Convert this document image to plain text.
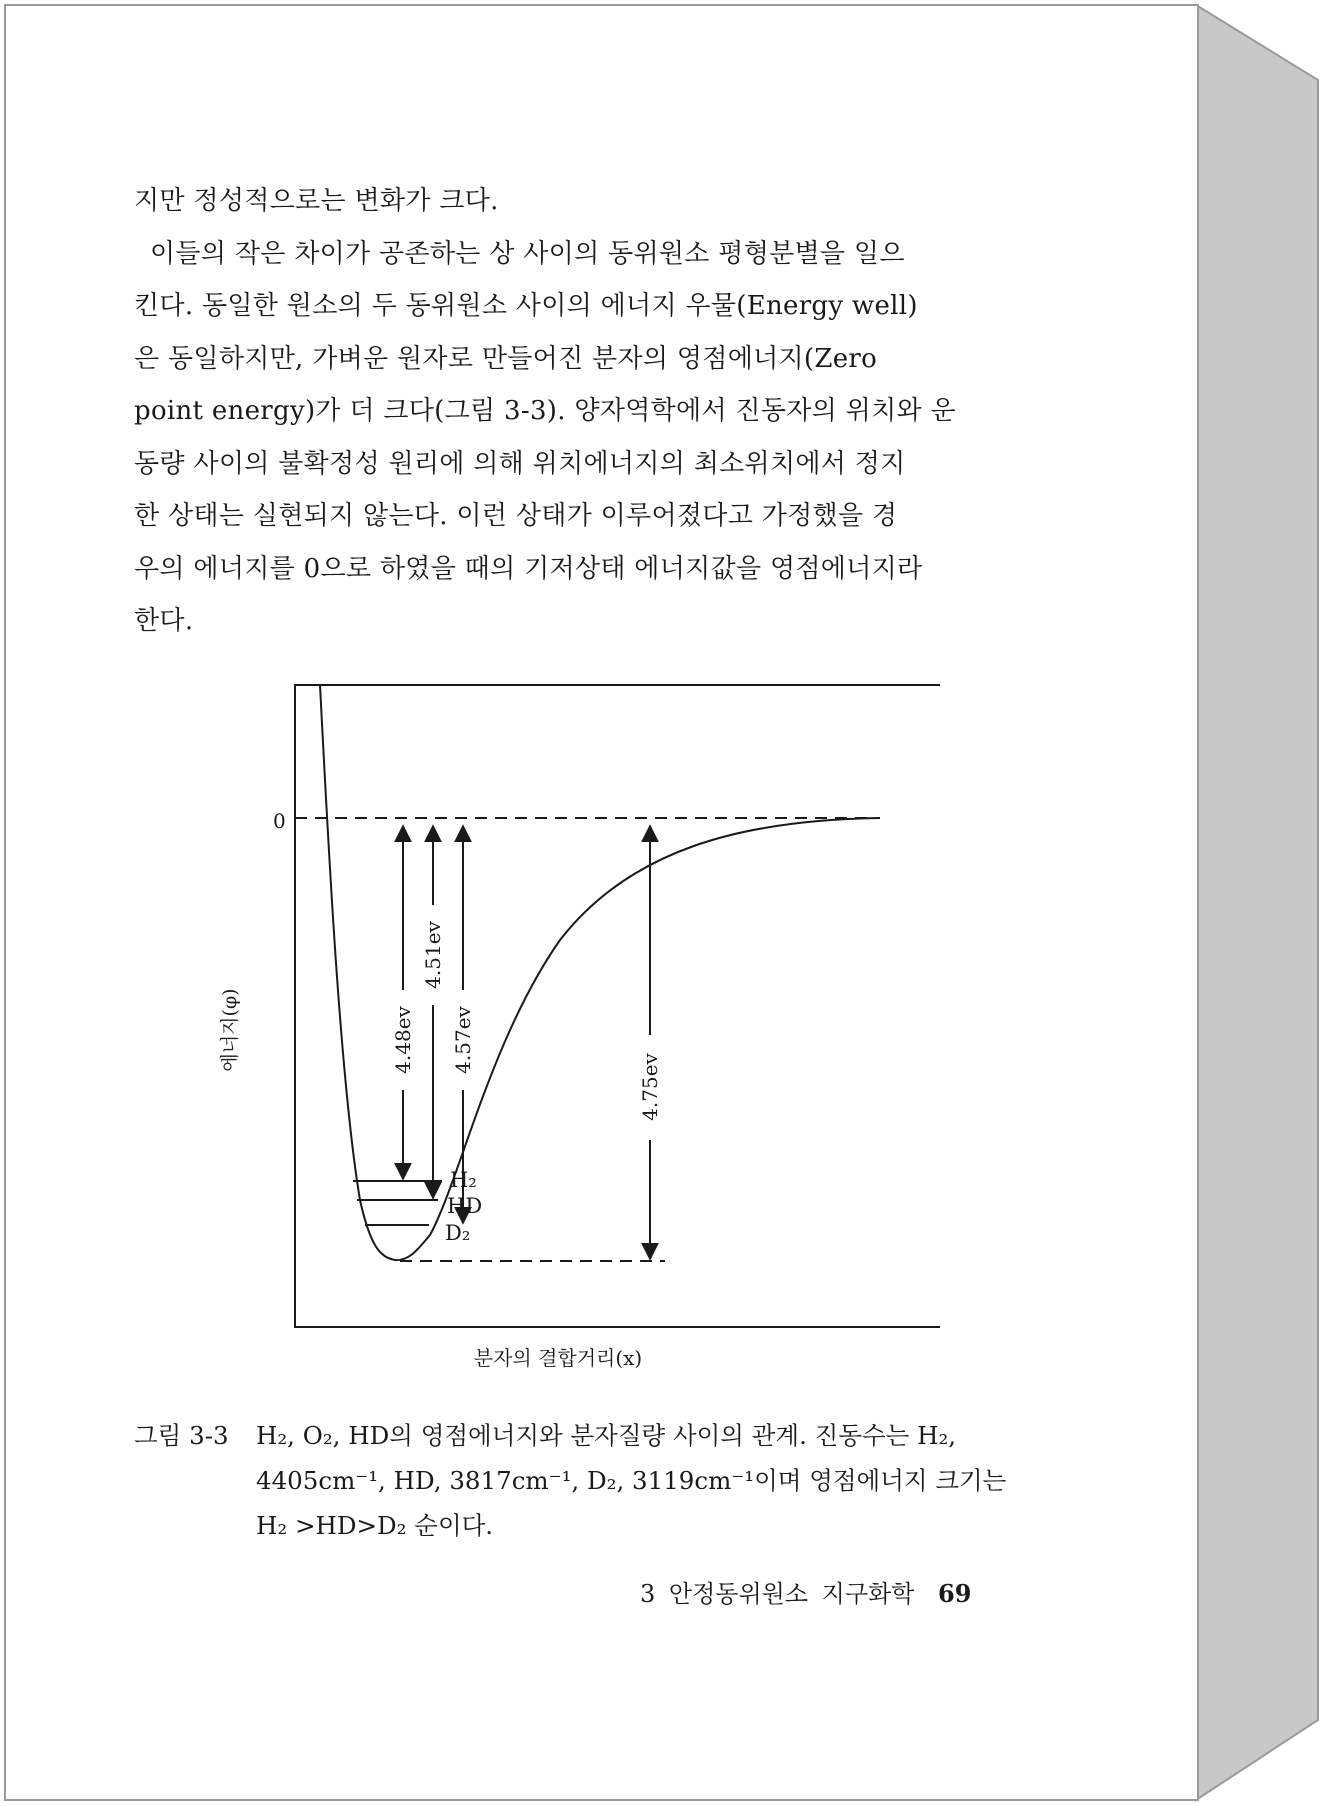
지만 정성적으로는 변화가 크다.

이들의 작은 차이가 공존하는 상 사이의 동위원소 평형분별을 일으

킨다. 동일한 원소의 두 동위원소 사이의 에너지 우물(Energy well)

은 동일하지만, 가벼운 원자로 만들어진 분자의 영점에너지(Zero

point energy)가 더 크다(그림 3-3). 양자역학에서 진동자의 위치와 운

동량 사이의 불확정성 원리에 의해 위치에너지의 최소위치에서 정지

한 상태는 실현되지 않는다. 이런 상태가 이루어졌다고 가정했을 경

우의 에너지를 0으로 하였을 때의 기저상태 에너지값을 영점에너지라

한다.

0
4.48ev
4.51ev
4.57ev
4.75ev
H₂
HD
D₂
에너지(φ)
분자의 결합거리(x)
그림 3-3 H₂, O₂, HD의 영점에너지와 분자질량 사이의 관계. 진동수는 H₂,
4405cm⁻¹, HD, 3817cm⁻¹, D₂, 3119cm⁻¹이며 영점에너지 크기는
H₂ >HD>D₂ 순이다.
3 안정동위원소 지구화학 69
